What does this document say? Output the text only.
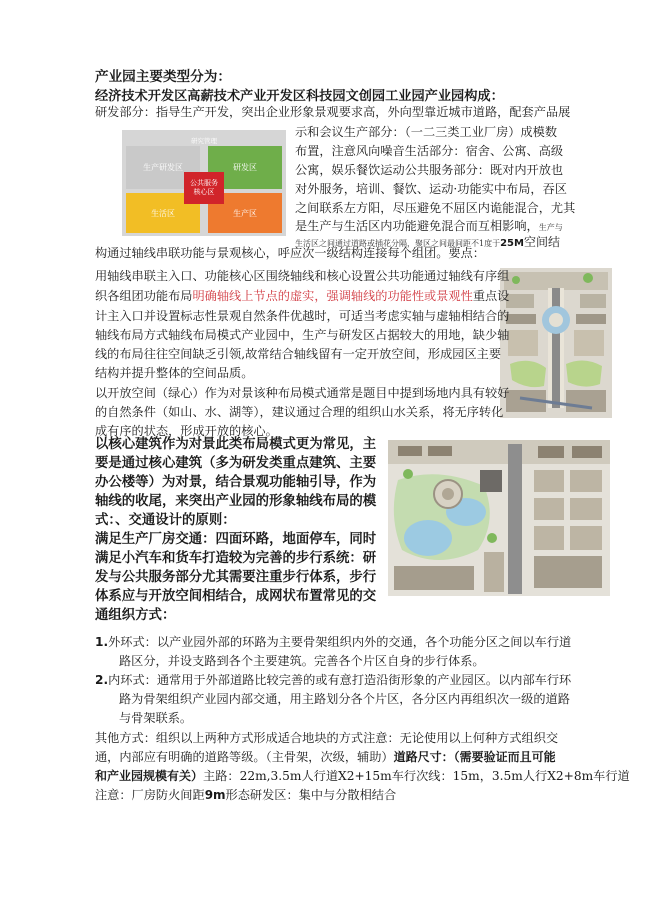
产业园主要类型分为：
经济技术开发区高薪技术产业开发区科技园文创园工业园产业园构成：
研发部分：指导生产开发，突出企业形象景观要求高，外向型靠近城市道路，配套产品展
研究管理
生产研发区	研发区
生活区	生产区
公共服务核心区
示和会议生产部分：（一二三类工业厂房）成模数
布置，注意风向噪音生活部分：宿舍、公寓、高级
公寓，娱乐餐饮运动公共服务部分：既对内开放也
对外服务，培训、餐饮、运动·功能实中布局，吞区
之间联系左方阳，尽压避免不屈区内诡能混合，尤其
是生产与生活区内功能避免混合而互相影响，生产与
生活区之间通过道路或插花分隔，聚区之间最间距不1度于25M空间结
构通过轴线串联功能与景观核心，呼应次一级结构连接每个组团。要点：
用轴线串联主入口、功能核心区围绕轴线和核心设置公共功能通过轴线有序组
织各组团功能布局明确轴线上节点的虚实，强调轴线的功能性或景观性重点设
计主入口并设置标志性景观自然条件优越时，可适当考虑实轴与虚轴相结合的
轴线布局方式轴线布局模式产业园中，生产与研发区占据较大的用地，缺少轴
线的布局往往空间缺乏引领,故常结合轴线留有一定开放空间，形成园区主要
结构并提升整体的空间品质。
以开放空间（绿心）作为对景该种布局模式通常是题目中提到场地内具有较好
的自然条件（如山、水、湖等），建议通过合理的组织山水关系，将无序转化
成有序的状态，形成开放的核心。
以核心建筑作为对景此类布局模式更为常见，主
要是通过核心建筑（多为研发类重点建筑、主要
办公楼等）为对景，结合景观功能轴引导，作为
轴线的收尾，来突出产业园的形象轴线布局的模
式：、交通设计的原则：
满足生产厂房交通：四面环路，地面停车，同时
满足小汽车和货车打造较为完善的步行系统：研
发与公共服务部分尤其需要注重步行体系，步行
体系应与开放空间相结合，成网状布置常见的交
通组织方式：
1.外环式：以产业园外部的环路为主要骨架组织内外的交通，各个功能分区之间以车行道
路区分，并设支路到各个主要建筑。完善各个片区自身的步行体系。
2.内环式：通常用于外部道路比较完善的或有意打造沿街形象的产业园区。以内部车行环
路为骨架组织产业园内部交通，用主路划分各个片区，各分区内再组织次一级的道路
与骨架联系。
其他方式：组织以上两种方式形成适合地块的方式注意：无论使用以上何种方式组织交
通，内部应有明确的道路等级。（主骨架，次级，辅助）道路尺寸：（需要验证而且可能
和产业园规模有关）主路：22m,3.5m人行道X2+15m车行次线：15m，3.5m人行X2+8m车行道
注意：厂房防火间距9m形态研发区：集中与分散相结合
